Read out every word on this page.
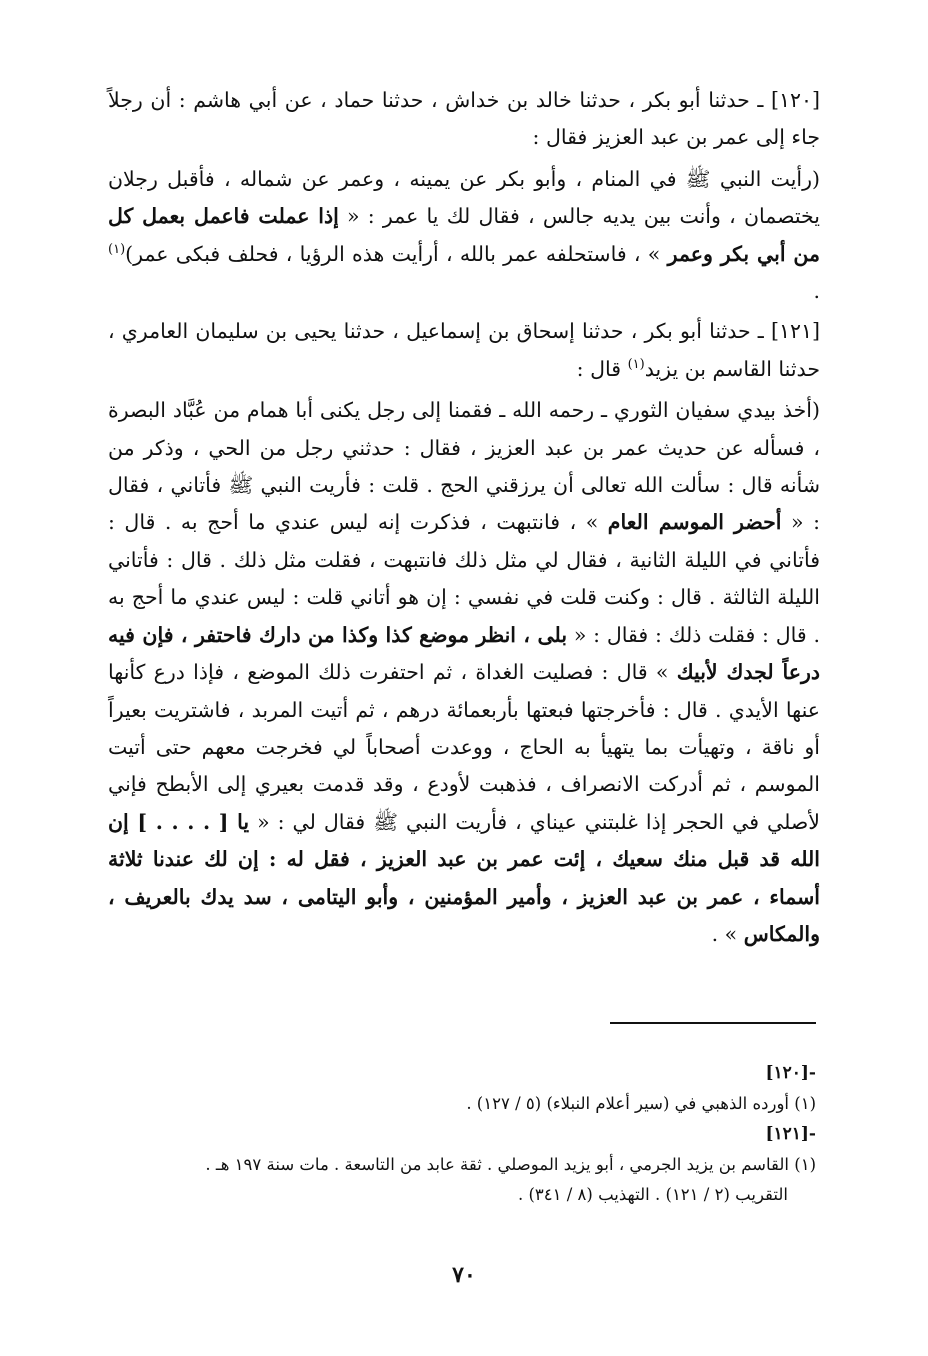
[١٢٠] ـ حدثنا أبو بكر ، حدثنا خالد بن خداش ، حدثنا حماد ، عن أبي هاشم : أن رجلاً جاء إلى عمر بن عبد العزيز فقال :

(رأيت النبي ﷺ في المنام ، وأبو بكر عن يمينه ، وعمر عن شماله ، فأقبل رجلان يختصمان ، وأنت بين يديه جالس ، فقال لك يا عمر : « إذا عملت فاعمل بعمل كل من أبي بكر وعمر » ، فاستحلفه عمر بالله ، أرأيت هذه الرؤيا ، فحلف فبكى عمر)$^{(١)}$ .

[١٢١] ـ حدثنا أبو بكر ، حدثنا إسحاق بن إسماعيل ، حدثنا يحيى بن سليمان العامري ، حدثنا القاسم بن يزيد$^{(١)}$ قال :

(أخذ بيدي سفيان الثوري ـ رحمه الله ـ فقمنا إلى رجل يكنى أبا همام من عُبَّاد البصرة ، فسأله عن حديث عمر بن عبد العزيز ، فقال : حدثني رجل من الحي ، وذكر من شأنه قال : سألت الله تعالى أن يرزقني الحج . قلت : فأريت النبي ﷺ فأتاني ، فقال : « أحضر الموسم العام » ، فانتبهت ، فذكرت إنه ليس عندي ما أحج به . قال : فأتاني في الليلة الثانية ، فقال لي مثل ذلك فانتبهت ، فقلت مثل ذلك . قال : فأتاني الليلة الثالثة . قال : وكنت قلت في نفسي : إن هو أتاني قلت : ليس عندي ما أحج به . قال : فقلت ذلك : فقال : « بلى ، انظر موضع كذا وكذا من دارك فاحتفر ، فإن فيه درعاً لجدك لأبيك » قال : فصليت الغداة ، ثم احتفرت ذلك الموضع ، فإذا درع كأنها عنها الأيدي . قال : فأخرجتها فبعتها بأربعمائة درهم ، ثم أتيت المربد ، فاشتريت بعيراً أو ناقة ، وتهيأت بما يتهيأ به الحاج ، ووعدت أصحاباً لي فخرجت معهم حتى أتيت الموسم ، ثم أدركت الانصراف ، فذهبت لأودع ، وقد قدمت بعيري إلى الأبطح فإني لأصلي في الحجر إذا غلبتني عيناي ، فأريت النبي ﷺ فقال لي : « يا [ . . . . ] إن الله قد قبل منك سعيك ، إئت عمر بن عبد العزيز ، فقل له : إن لك عندنا ثلاثة أسماء ، عمر بن عبد العزيز ، وأمير المؤمنين ، وأبو اليتامى ، سد يدك بالعريف ، والمكاس » .

-[١٢٠]
(١) أورده الذهبي في (سير أعلام النبلاء) (٥ / ١٢٧) .
-[١٢١]
(١) القاسم بن يزيد الجرمي ، أبو يزيد الموصلي . ثقة عابد من التاسعة . مات سنة ١٩٧ هـ .
التقريب (٢ / ١٢١) . التهذيب (٨ / ٣٤١) .
٧٠
